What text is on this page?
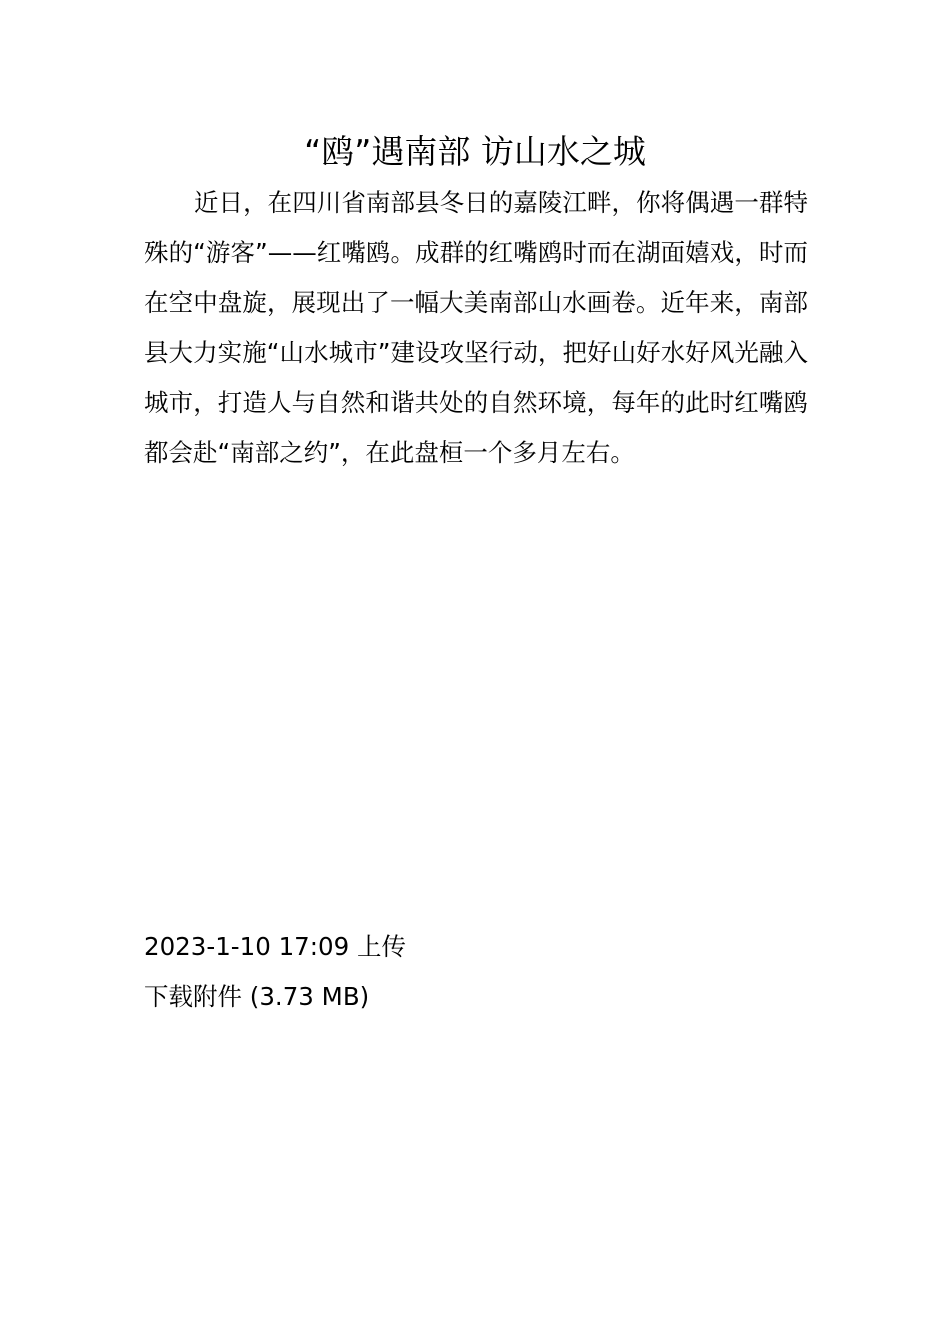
“鸥”遇南部 访山水之城

近日，在四川省南部县冬日的嘉陵江畔，你将偶遇一群特殊的“游客”——红嘴鸥。成群的红嘴鸥时而在湖面嬉戏，时而在空中盘旋，展现出了一幅大美南部山水画卷。近年来，南部县大力实施“山水城市”建设攻坚行动，把好山好水好风光融入城市，打造人与自然和谐共处的自然环境，每年的此时红嘴鸥都会赴“南部之约”，在此盘桓一个多月左右。

2023-1-10 17:09 上传
下载附件 (3.73 MB)
